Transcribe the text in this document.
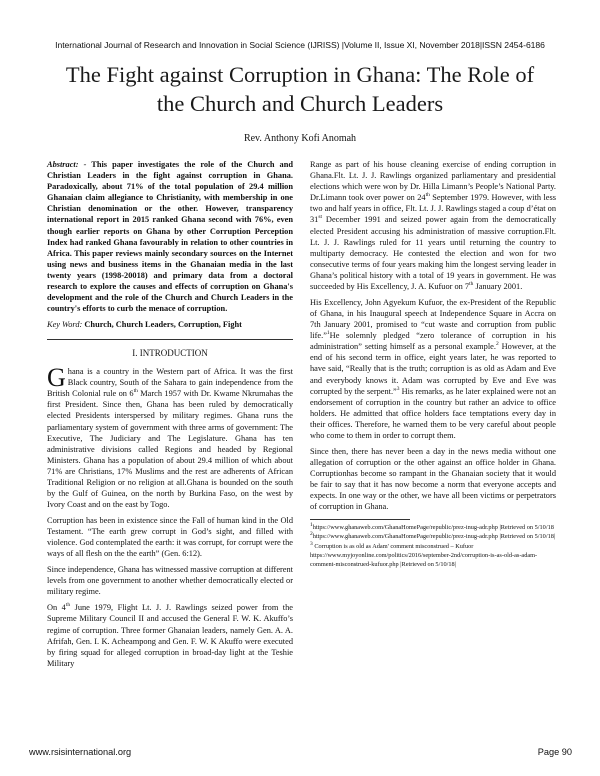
International Journal of Research and Innovation in Social Science (IJRISS) |Volume II, Issue XI, November 2018|ISSN 2454-6186
The Fight against Corruption in Ghana: The Role of
the Church and Church Leaders
Rev. Anthony Kofi Anomah

Abstract: - This paper investigates the role of the Church and Christian Leaders in the fight against corruption in Ghana. Paradoxically, about 71% of the total population of 29.4 million Ghanaian claim allegiance to Christianity, with membership in one Christian denomination or the other. However, transparency international report in 2015 ranked Ghana second with 76%, even though earlier reports on Ghana by other Corruption Perception Index had ranked Ghana favourably in relation to other countries in Africa. This paper reviews mainly secondary sources on the Internet using news and business items in the Ghanaian media in the last twenty years (1998-20018) and primary data from a doctoral research to explore the causes and effects of corruption on Ghana's development and the role of the Church and Church Leaders in the country's efforts to curb the menace of corruption.

Key Word: Church, Church Leaders, Corruption, Fight

I. INTRODUCTION

Ghana is a country in the Western part of Africa. It was the first Black country, South of the Sahara to gain independence from the British Colonial rule on 6th March 1957 with Dr. Kwame Nkrumahas the first President. Since then, Ghana has been ruled by democratically elected Presidents interspersed by military regimes. Ghana runs the parliamentary system of government with three arms of government: The Executive, The Judiciary and The Legislature. Ghana has ten administrative divisions called Regions and headed by Regional Ministers. Ghana has a population of about 29.4 million of which about 71% are Christians, 17% Muslims and the rest are adherents of African Traditional Religion or no religion at all.Ghana is bounded on the south by the Gulf of Guinea, on the north by Burkina Faso, on the west by Ivory Coast and on the east by Togo.

Corruption has been in existence since the Fall of human kind in the Old Testament. “The earth grew corrupt in God’s sight, and filled with violence. God contemplated the earth: it was corrupt, for corrupt were the ways of all flesh on the the earth” (Gen. 6:12).

Since independence, Ghana has witnessed massive corruption at different levels from one government to another whether democratically elected or military regime.

On 4th June 1979, Flight Lt. J. J. Rawlings seized power from the Supreme Military Council II and accused the General F. W. K. Akuffo’s regime of corruption. Three former Ghanaian leaders, namely Gen. A. A. Afrifah, Gen. I. K. Acheampong and Gen. F. W. K Akuffo were executed by firing squad for alleged corruption in broad-day light at the Teshie Military

Range as part of his house cleaning exercise of ending corruption in Ghana.Flt. Lt. J. J. Rawlings organized parliamentary and presidential elections which were won by Dr. Hilla Limann’s People’s National Party. Dr.Limann took over power on 24th September 1979. However, with less two and half years in office, Flt. Lt. J. J. Rawlings staged a coup d’état on 31st December 1991 and seized power again from the democratically elected President accusing his administration of massive corruption.Flt. Lt. J. J. Rawlings ruled for 11 years until returning the country to multiparty democracy. He contested the election and won for two consecutive terms of four years making him the longest serving leader in Ghana’s political history with a total of 19 years in government. He was succeeded by His Excellency, J. A. Kufuor on 7th January 2001.

His Excellency, John Agyekum Kufuor, the ex-President of the Republic of Ghana, in his Inaugural speech at Independence Square in Accra on 7th January 2001, promised to “cut waste and corruption from public life.”$^1$He solemnly pledged “zero tolerance of corruption in his administration” setting himself as a personal example.$^2$ However, at the end of his second term in office, eight years later, he was reported to have said, “Really that is the truth; corruption is as old as Adam and Eve and everybody knows it. Adam was corrupted by Eve and Eve was corrupted by the serpent.”$^3$ His remarks, as he later explained were not an endorsement of corruption in the country but rather an advice to office holders. He admitted that office holders face temptations every day in their offices. Therefore, he warned them to be very careful about people who come to them in order to corrupt them.

Since then, there has never been a day in the news media without one allegation of corruption or the other against an office holder in Ghana. Corruptionhas become so rampant in the Ghanaian society that it would be fair to say that it has now become a norm that everyone accepts and expects. In one way or the other, we have all been victims or perpetrators of corruption in Ghana.

$^1$https://www.ghanaweb.com/GhanaHomePage/republic/prez-inug-adr.php |Retrieved on 5/10/18
$^2$https://www.ghanaweb.com/GhanaHomePage/republic/prez-inug-adr.php |Retrieved on 5/10/18|
$^3$ Corruption is as old as Adam' comment misconstrued – Kufuor https://www.myjoyonline.com/politics/2016/september-2nd/corruption-is-as-old-as-adam-comment-misconstrued-kufuor.php |Retrieved on 5/10/18|
www.rsisinternational.org	Page 90
